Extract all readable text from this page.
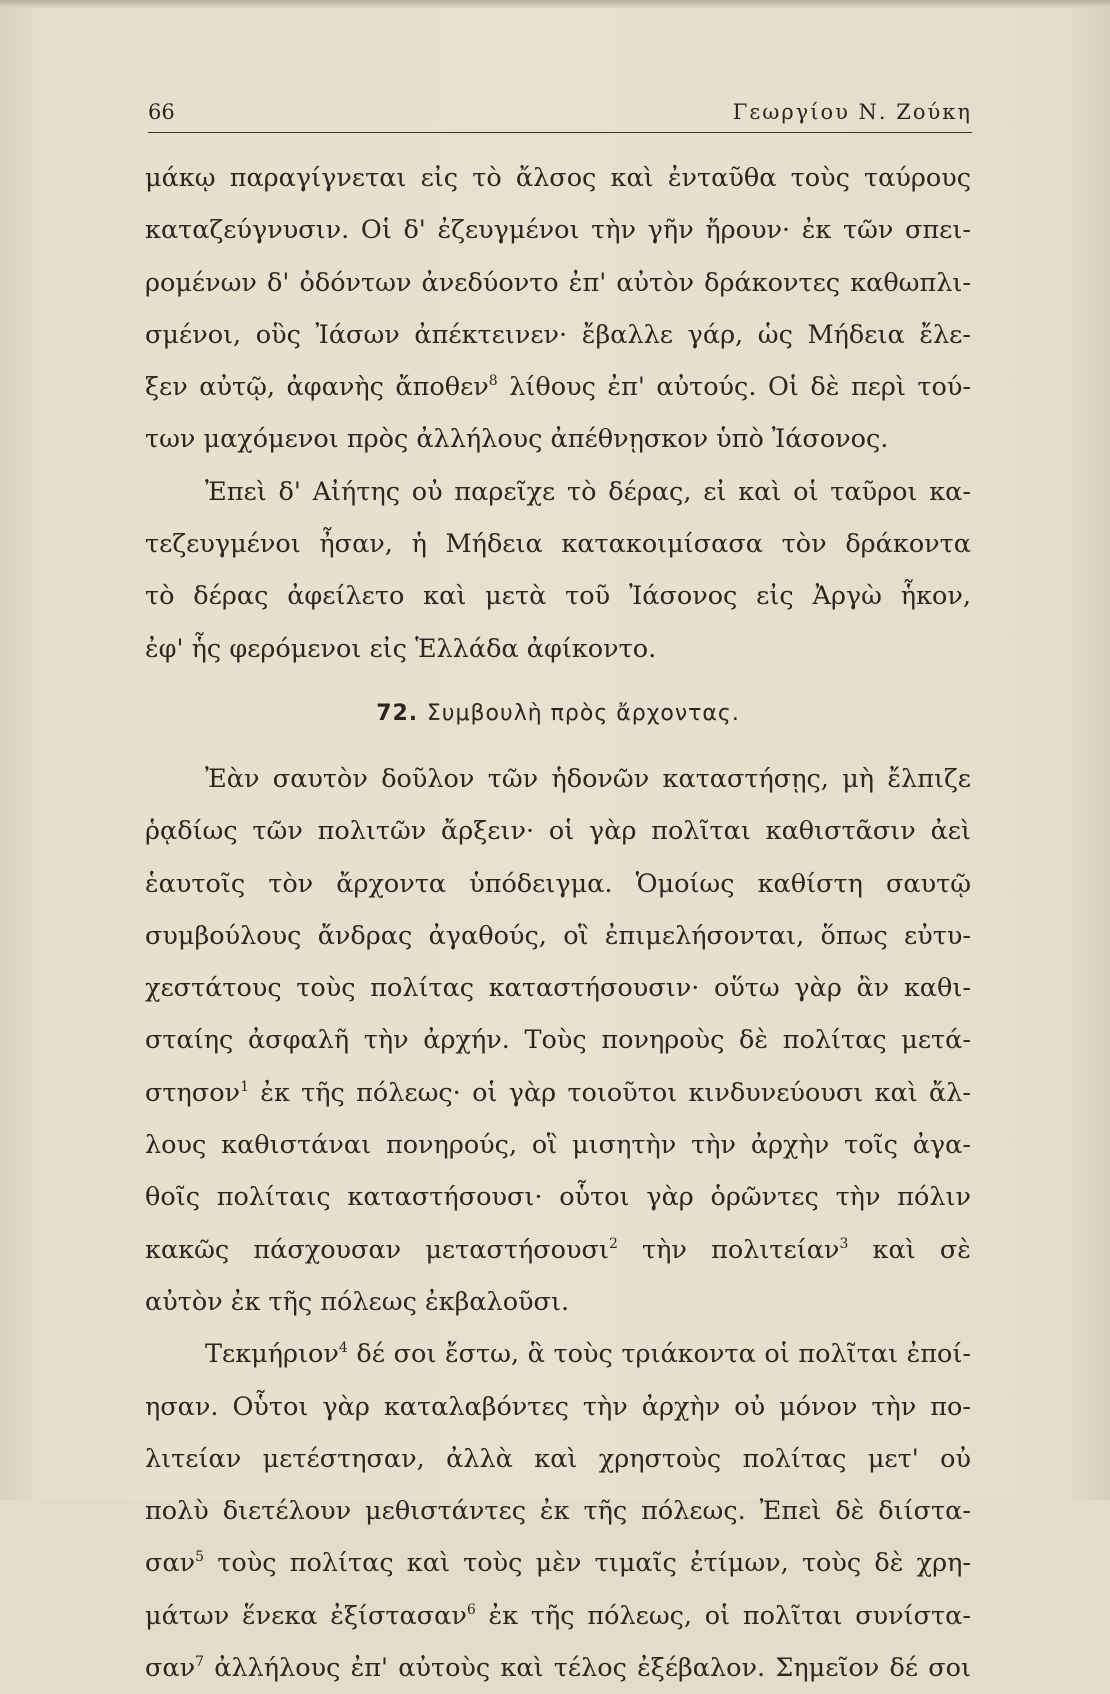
66	Γεωργίου Ν. Ζούκη
μάκῳ παραγίγνεται εἰς τὸ ἄλσος καὶ ἐνταῦθα τοὺς ταύρους
καταζεύγνυσιν. Οἱ δ' ἐζευγμένοι τὴν γῆν ἤρουν· ἐκ τῶν σπει-
ρομένων δ' ὀδόντων ἀνεδύοντο ἐπ' αὐτὸν δράκοντες καθωπλι-
σμένοι, οὓς Ἰάσων ἀπέκτεινεν· ἔβαλλε γάρ, ὡς Μήδεια ἔλε-
ξεν αὐτῷ, ἀφανὴς ἄποθεν$^8$ λίθους ἐπ' αὐτούς. Οἱ δὲ περὶ τού-
των μαχόμενοι πρὸς ἀλλήλους ἀπέθνῃσκον ὑπὸ Ἰάσονος.
Ἐπεὶ δ' Αἰήτης οὐ παρεῖχε τὸ δέρας, εἰ καὶ οἱ ταῦροι κα-
τεζευγμένοι ἦσαν, ἡ Μήδεια κατακοιμίσασα τὸν δράκοντα
τὸ δέρας ἀφείλετο καὶ μετὰ τοῦ Ἰάσονος εἰς Ἀργὼ ἧκον,
ἐφ' ἧς φερόμενοι εἰς Ἑλλάδα ἀφίκοντο.
72. Συμβουλὴ πρὸς ἄρχοντας.
Ἐὰν σαυτὸν δοῦλον τῶν ἡδονῶν καταστήσῃς, μὴ ἔλπιζε
ῥᾳδίως τῶν πολιτῶν ἄρξειν· οἱ γὰρ πολῖται καθιστᾶσιν ἀεὶ
ἑαυτοῖς τὸν ἄρχοντα ὑπόδειγμα. Ὁμοίως καθίστη σαυτῷ
συμβούλους ἄνδρας ἀγαθούς, οἳ ἐπιμελήσονται, ὅπως εὐτυ-
χεστάτους τοὺς πολίτας καταστήσουσιν· οὕτω γὰρ ἂν καθι-
σταίης ἀσφαλῆ τὴν ἀρχήν. Τοὺς πονηροὺς δὲ πολίτας μετά-
στησον$^1$ ἐκ τῆς πόλεως· οἱ γὰρ τοιοῦτοι κινδυνεύουσι καὶ ἄλ-
λους καθιστάναι πονηρούς, οἳ μισητὴν τὴν ἀρχὴν τοῖς ἀγα-
θοῖς πολίταις καταστήσουσι· οὗτοι γὰρ ὁρῶντες τὴν πόλιν
κακῶς πάσχουσαν μεταστήσουσι$^2$ τὴν πολιτείαν$^3$ καὶ σὲ
αὐτὸν ἐκ τῆς πόλεως ἐκβαλοῦσι.
Τεκμήριον$^4$ δέ σοι ἔστω, ἃ τοὺς τριάκοντα οἱ πολῖται ἐποί-
ησαν. Οὗτοι γὰρ καταλαβόντες τὴν ἀρχὴν οὐ μόνον τὴν πο-
λιτείαν μετέστησαν, ἀλλὰ καὶ χρηστοὺς πολίτας μετ' οὐ
πολὺ διετέλουν μεθιστάντες ἐκ τῆς πόλεως. Ἐπεὶ δὲ διίστα-
σαν$^5$ τοὺς πολίτας καὶ τοὺς μὲν τιμαῖς ἐτίμων, τοὺς δὲ χρη-
μάτων ἕνεκα ἐξίστασαν$^6$ ἐκ τῆς πόλεως, οἱ πολῖται συνίστα-
σαν$^7$ ἀλλήλους ἐπ' αὐτοὺς καὶ τέλος ἐξέβαλον. Σημεῖον δέ σοι
